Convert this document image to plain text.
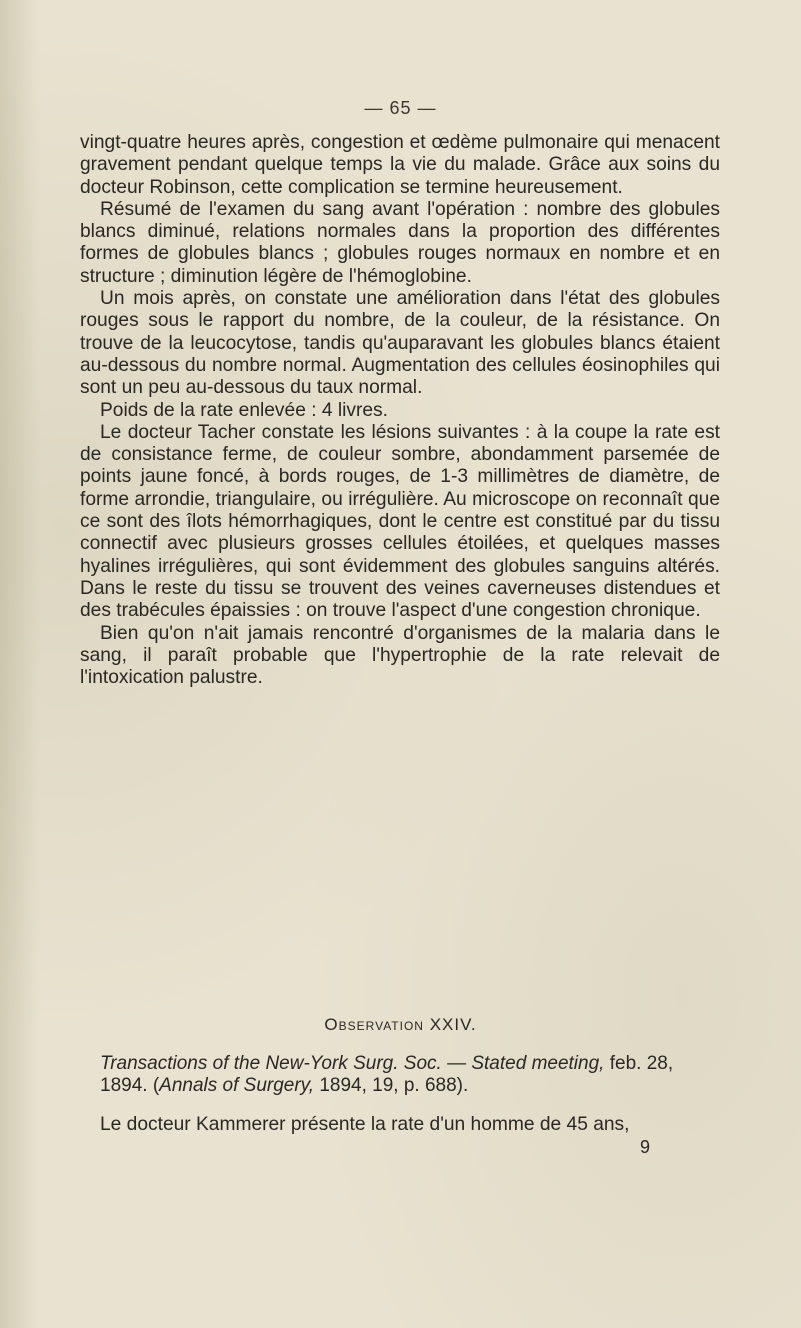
— 65 —

vingt-quatre heures après, congestion et œdème pulmonaire qui menacent gravement pendant quelque temps la vie du malade. Grâce aux soins du docteur Robinson, cette complication se termine heureusement.

Résumé de l'examen du sang avant l'opération : nombre des globules blancs diminué, relations normales dans la proportion des différentes formes de globules blancs ; globules rouges normaux en nombre et en structure ; diminution légère de l'hémoglobine.

Un mois après, on constate une amélioration dans l'état des globules rouges sous le rapport du nombre, de la couleur, de la résistance. On trouve de la leucocytose, tandis qu'auparavant les globules blancs étaient au-dessous du nombre normal. Augmentation des cellules éosinophiles qui sont un peu au-dessous du taux normal.

Poids de la rate enlevée : 4 livres.

Le docteur Tacher constate les lésions suivantes : à la coupe la rate est de consistance ferme, de couleur sombre, abondamment parsemée de points jaune foncé, à bords rouges, de 1-3 millimètres de diamètre, de forme arrondie, triangulaire, ou irrégulière. Au microscope on reconnaît que ce sont des îlots hémorrhagiques, dont le centre est constitué par du tissu connectif avec plusieurs grosses cellules étoilées, et quelques masses hyalines irrégulières, qui sont évidemment des globules sanguins altérés. Dans le reste du tissu se trouvent des veines caverneuses distendues et des trabécules épaissies : on trouve l'aspect d'une congestion chronique.

Bien qu'on n'ait jamais rencontré d'organismes de la malaria dans le sang, il paraît probable que l'hypertrophie de la rate relevait de l'intoxication palustre.

Observation XXIV.
Transactions of the New-York Surg. Soc. — Stated meeting, feb. 28, 1894. (Annals of Surgery, 1894, 19, p. 688).
Le docteur Kammerer présente la rate d'un homme de 45 ans,
9
